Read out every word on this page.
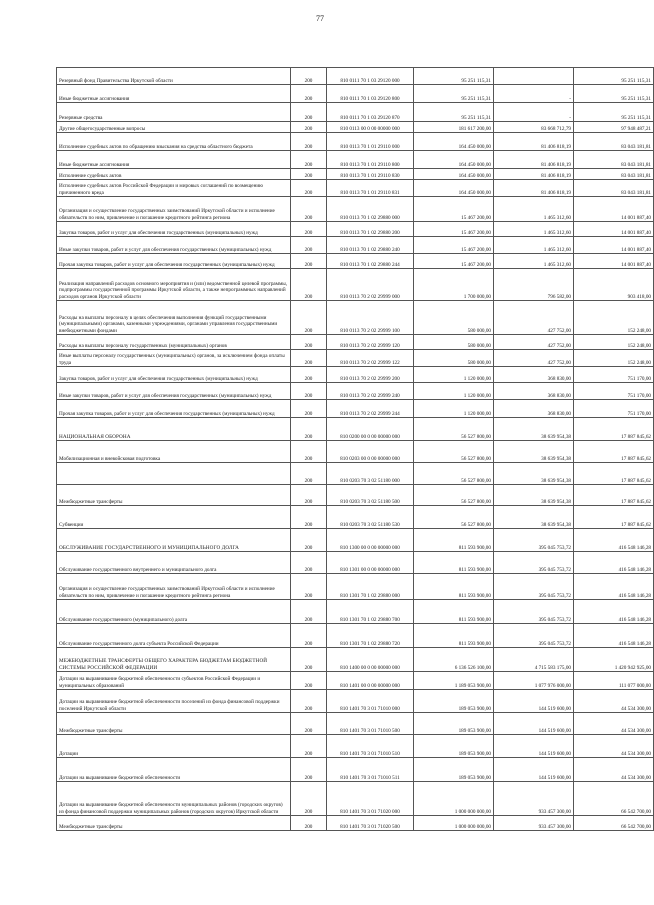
77
Резервный фонд Правительства Иркутской области	200	810 0111 70 1 03 29120 000	95 251 115,31		95 251 115,31
Иные бюджетные ассигнования	200	810 0111 70 1 03 29120 800	95 251 115,31	-	95 251 115,31
Резервные средства	200	810 0111 70 1 03 29120 870	95 251 115,31	-	95 251 115,31
Другие общегосударственные вопросы	200	810 0113 00 0 00 00000 000	181 617 200,00	83 668 712,79	97 948 487,21
Исполнение судебных актов по обращению взыскания на средства областного бюджета	200	810 0113 70 1 01 29110 000	164 450 000,00	81 406 818,19	83 043 181,81
Иные бюджетные ассигнования	200	810 0113 70 1 01 29110 800	164 450 000,00	81 406 818,19	83 043 181,81
Исполнение судебных актов	200	810 0113 70 1 01 29110 830	164 450 000,00	81 406 818,19	83 043 181,81
Исполнение судебных актов Российской Федерации и мировых соглашений по возмещению причиненного вреда	200	810 0113 70 1 01 29110 831	164 450 000,00	81 406 818,19	83 043 181,81
Организация и осуществление государственных заимствований Иркутской области и исполнение обязательств по ним, привлечение и погашение кредитного рейтинга региона	200	810 0113 70 1 02 29880 000	15 467 200,00	1 465 312,60	14 001 887,40
Закупка товаров, работ и услуг для обеспечения государственных (муниципальных) нужд	200	810 0113 70 1 02 29880 200	15 467 200,00	1 465 312,60	14 001 887,40
Иные закупки товаров, работ и услуг для обеспечения государственных (муниципальных) нужд	200	810 0113 70 1 02 29880 240	15 467 200,00	1 465 312,60	14 001 887,40
Прочая закупка товаров, работ и услуг для обеспечения государственных (муниципальных) нужд	200	810 0113 70 1 02 29880 244	15 467 200,00	1 465 312,60	14 001 887,40
Реализация направлений расходов основного мероприятия и (или) ведомственной целевой программы, подпрограммы государственной программы Иркутской области, а также непрограммных направлений расходов органов Иркутской области	200	810 0113 70 2 02 29999 000	1 700 000,00	796 582,00	903 418,00
Расходы на выплаты персоналу в целях обеспечения выполнения функций государственными (муниципальными) органами, казенными учреждениями, органами управления государственными внебюджетными фондами	200	810 0113 70 2 02 29999 100	580 000,00	427 752,00	152 248,00
Расходы на выплаты персоналу государственных (муниципальных) органов	200	810 0113 70 2 02 29999 120	580 000,00	427 752,00	152 248,00
Иные выплаты персоналу государственных (муниципальных) органов, за исключением фонда оплаты труда	200	810 0113 70 2 02 29999 122	580 000,00	427 752,00	152 248,00
Закупка товаров, работ и услуг для обеспечения государственных (муниципальных) нужд	200	810 0113 70 2 02 29999 200	1 120 000,00	368 830,00	751 170,00
Иные закупки товаров, работ и услуг для обеспечения государственных (муниципальных) нужд	200	810 0113 70 2 02 29999 240	1 120 000,00	368 830,00	751 170,00
Прочая закупка товаров, работ и услуг для обеспечения государственных (муниципальных) нужд	200	810 0113 70 2 02 29999 244	1 120 000,00	368 830,00	751 170,00
НАЦИОНАЛЬНАЯ ОБОРОНА	200	810 0200 00 0 00 00000 000	56 527 800,00	38 639 954,38	17 887 845,62
Мобилизационная и вневойсковая подготовка	200	810 0203 00 0 00 00000 000	56 527 800,00	38 639 954,38	17 887 845,62
	200	810 0203 70 3 02 51180 000	56 527 800,00	38 639 954,38	17 887 845,62
Межбюджетные трансферты	200	810 0203 70 3 02 51180 500	56 527 800,00	38 639 954,38	17 887 845,62
Субвенции	200	810 0203 70 3 02 51180 530	56 527 800,00	38 639 954,38	17 887 845,62
ОБСЛУЖИВАНИЕ ГОСУДАРСТВЕННОГО И МУНИЦИПАЛЬНОГО ДОЛГА	200	810 1300 00 0 00 00000 000	811 593 900,00	395 045 753,72	416 548 146,28
Обслуживание государственного внутреннего и муниципального долга	200	810 1301 00 0 00 00000 000	811 593 900,00	395 045 753,72	416 548 146,28
Организация и осуществление государственных заимствований Иркутской области и исполнение обязательств по ним, привлечение и погашение кредитного рейтинга региона	200	810 1301 70 1 02 29880 000	811 593 900,00	395 045 753,72	416 548 146,28
Обслуживание государственного (муниципального) долга	200	810 1301 70 1 02 29880 700	811 593 900,00	395 045 753,72	416 548 146,28
Обслуживание государственного долга субъекта Российской Федерации	200	810 1301 70 1 02 29880 720	811 593 900,00	395 045 753,72	416 548 146,28
МЕЖБЮДЖЕТНЫЕ ТРАНСФЕРТЫ ОБЩЕГО ХАРАКТЕРА БЮДЖЕТАМ БЮДЖЕТНОЙ СИСТЕМЫ РОССИЙСКОЙ ФЕДЕРАЦИИ	200	810 1400 00 0 00 00000 000	6 136 526 100,00	4 715 583 175,00	1 420 942 925,00
Дотации на выравнивание бюджетной обеспеченности субъектов Российской Федерации и муниципальных образований	200	810 1401 00 0 00 00000 000	1 189 053 900,00	1 077 976 000,00	111 077 000,00
Дотации на выравнивание бюджетной обеспеченности поселений из фонда финансовой поддержки поселений Иркутской области	200	810 1401 70 3 01 71010 000	189 053 900,00	144 519 600,00	44 534 300,00
Межбюджетные трансферты	200	810 1401 70 3 01 71010 500	189 053 900,00	144 519 600,00	44 534 300,00
Дотации	200	810 1401 70 3 01 71010 510	189 053 900,00	144 519 600,00	44 534 300,00
Дотации на выравнивание бюджетной обеспеченности	200	810 1401 70 3 01 71010 511	189 053 900,00	144 519 600,00	44 534 300,00
Дотации на выравнивание бюджетной обеспеченности муниципальных районов (городских округов) из фонда финансовой поддержки муниципальных районов (городских округов) Иркутской области	200	810 1401 70 3 01 71020 000	1 000 000 000,00	933 457 300,00	66 542 700,00
Межбюджетные трансферты	200	810 1401 70 3 01 71020 500	1 000 000 000,00	933 457 300,00	66 542 700,00
